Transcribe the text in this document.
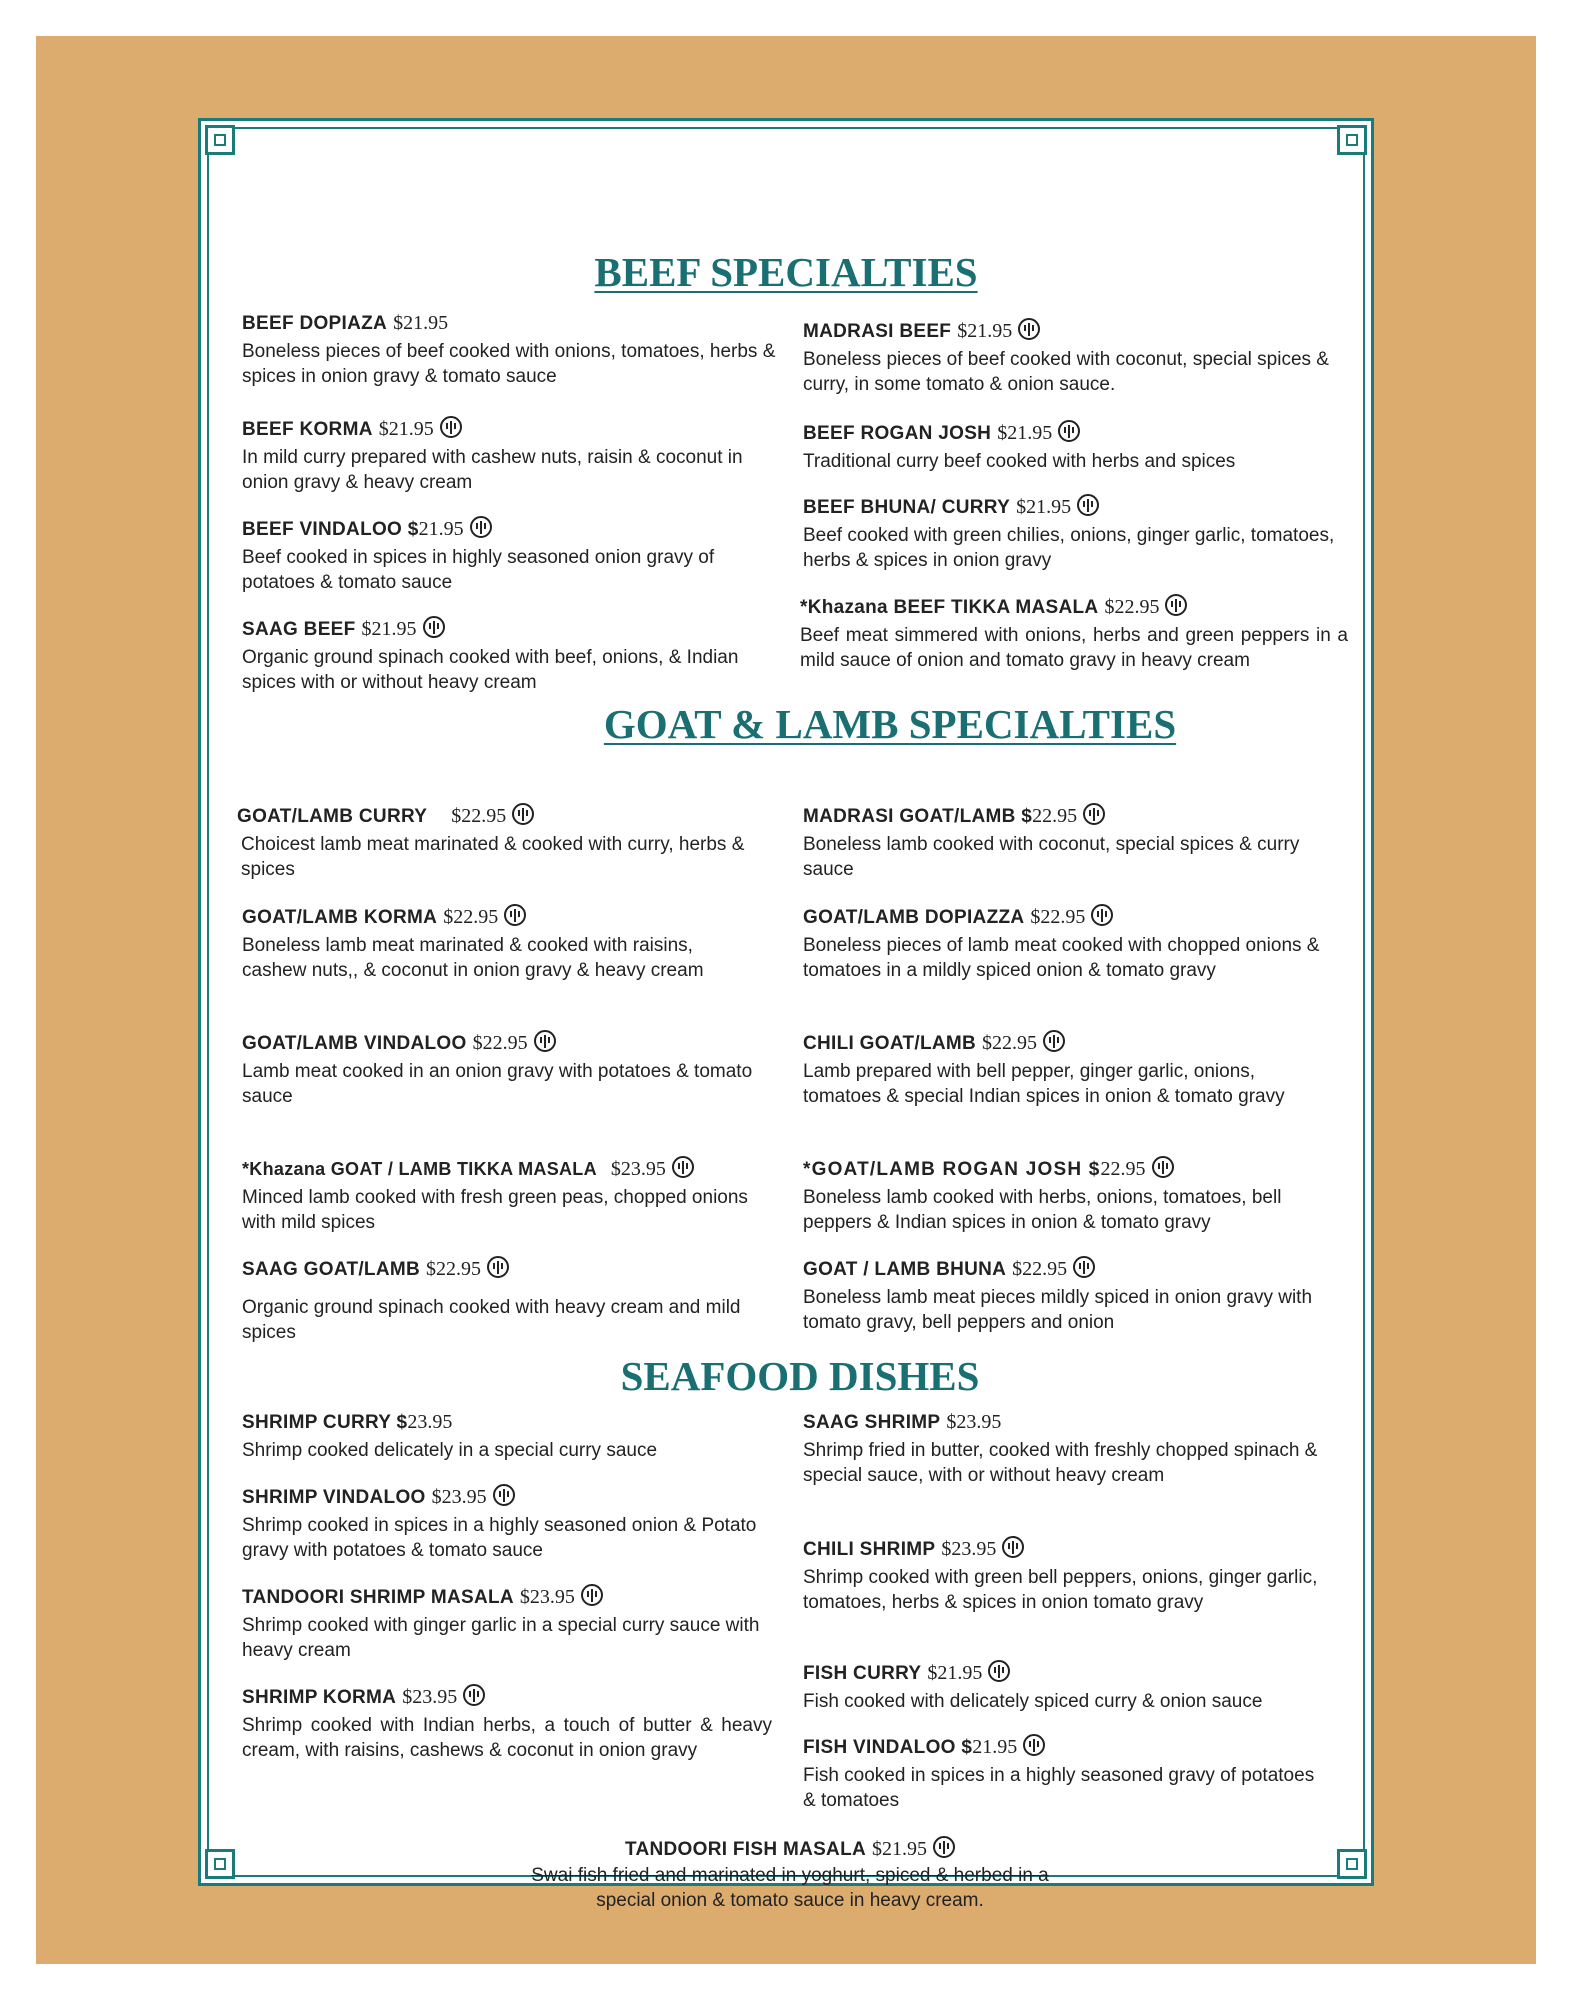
BEEF SPECIALTIES
BEEF DOPIAZA $21.95
Boneless pieces of beef cooked with onions, tomatoes, herbs & spices in onion gravy & tomato sauce
BEEF KORMA $21.95
In mild curry prepared with cashew nuts, raisin & coconut in onion gravy & heavy cream
BEEF VINDALOO $21.95
Beef cooked in spices in highly seasoned onion gravy of potatoes & tomato sauce
SAAG BEEF $21.95
Organic ground spinach cooked with beef, onions, & Indian spices with or without heavy cream
MADRASI BEEF $21.95
Boneless pieces of beef cooked with coconut, special spices & curry, in some tomato & onion sauce.
BEEF ROGAN JOSH $21.95
Traditional curry beef cooked with herbs and spices
BEEF BHUNA/ CURRY $21.95
Beef cooked with green chilies, onions, ginger garlic, tomatoes, herbs & spices in onion gravy
*Khazana BEEF TIKKA MASALA $22.95
Beef meat simmered with onions, herbs and green peppers in a mild sauce of onion and tomato gravy in heavy cream
GOAT & LAMB SPECIALTIES
GOAT/LAMB CURRY $22.95
Choicest lamb meat marinated & cooked with curry, herbs & spices
GOAT/LAMB KORMA $22.95
Boneless lamb meat marinated & cooked with raisins, cashew nuts,, & coconut in onion gravy & heavy cream
GOAT/LAMB VINDALOO $22.95
Lamb meat cooked in an onion gravy with potatoes & tomato sauce
*Khazana GOAT / LAMB TIKKA MASALA $23.95
Minced lamb cooked with fresh green peas, chopped onions with mild spices
SAAG GOAT/LAMB $22.95
Organic ground spinach cooked with heavy cream and mild spices
MADRASI GOAT/LAMB $22.95
Boneless lamb cooked with coconut, special spices & curry sauce
GOAT/LAMB DOPIAZZA $22.95
Boneless pieces of lamb meat cooked with chopped onions & tomatoes in a mildly spiced onion & tomato gravy
CHILI GOAT/LAMB $22.95
Lamb prepared with bell pepper, ginger garlic, onions, tomatoes & special Indian spices in onion & tomato gravy
*GOAT/LAMB ROGAN JOSH $22.95
Boneless lamb cooked with herbs, onions, tomatoes, bell peppers & Indian spices in onion & tomato gravy
GOAT / LAMB BHUNA $22.95
Boneless lamb meat pieces mildly spiced in onion gravy with tomato gravy, bell peppers and onion
SEAFOOD DISHES
SHRIMP CURRY $23.95
Shrimp cooked delicately in a special curry sauce
SHRIMP VINDALOO $23.95
Shrimp cooked in spices in a highly seasoned onion & Potato gravy with potatoes & tomato sauce
TANDOORI SHRIMP MASALA $23.95
Shrimp cooked with ginger garlic in a special curry sauce with heavy cream
SHRIMP KORMA $23.95
Shrimp cooked with Indian herbs, a touch of butter & heavy cream, with raisins, cashews & coconut in onion gravy
SAAG SHRIMP $23.95
Shrimp fried in butter, cooked with freshly chopped spinach & special sauce, with or without heavy cream
CHILI SHRIMP $23.95
Shrimp cooked with green bell peppers, onions, ginger garlic, tomatoes, herbs & spices in onion tomato gravy
FISH CURRY $21.95
Fish cooked with delicately spiced curry & onion sauce
FISH VINDALOO $21.95
Fish cooked in spices in a highly seasoned gravy of potatoes & tomatoes
TANDOORI FISH MASALA $21.95
Swai fish fried and marinated in yoghurt, spiced & herbed in a
special onion & tomato sauce in heavy cream.
